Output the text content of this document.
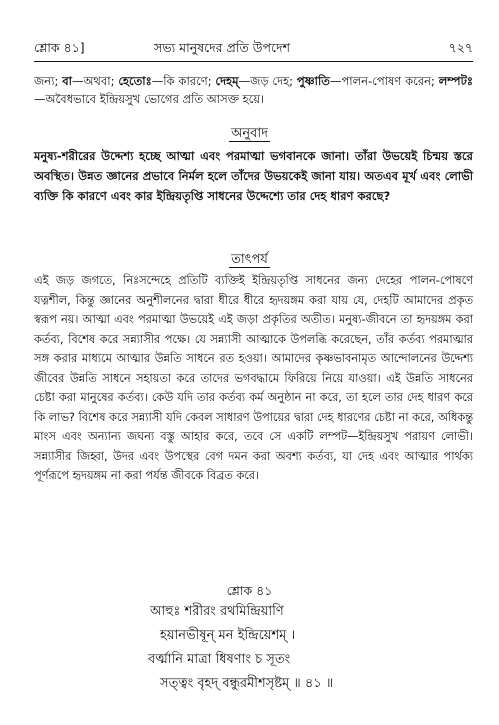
শ্লোক ৪১]	সভ্য মানুষদের প্রতি উপদেশ	৭২৭
জন্য; বা—অথবা; হেতোঃ—কি কারণে; দেহম্—জড় দেহ; পুষ্ণাতি—পালন-পোষণ করেন; লম্পটঃ—অবৈধভাবে ইন্দ্রিয়সুখ ভোগের প্রতি আসক্ত হয়ে।
অনুবাদ
মনুষ্য-শরীরের উদ্দেশ্য হচ্ছে আত্মা এবং পরমাত্মা ভগবানকে জানা। তাঁরা উভয়েই চিন্ময় স্তরে অবস্থিত। উন্নত জ্ঞানের প্রভাবে নির্মল হলে তাঁদের উভয়কেই জানা যায়। অতএব মূর্খ এবং লোভী ব্যক্তি কি কারণে এবং কার ইন্দ্রিয়তৃপ্তি সাধনের উদ্দেশ্যে তার দেহ ধারণ করছে?
তাৎপর্য
এই জড় জগতে, নিঃসন্দেহে প্রতিটি ব্যক্তিই ইন্দ্রিয়তৃপ্তি সাধনের জন্য দেহের পালন-পোষণে যত্নশীল, কিন্তু জ্ঞানের অনুশীলনের দ্বারা ধীরে ধীরে হৃদয়ঙ্গম করা যায় যে, দেহটি আমাদের প্রকৃত স্বরূপ নয়। আত্মা এবং পরমাত্মা উভয়েই এই জড়া প্রকৃতির অতীত। মনুষ্য-জীবনে তা হৃদয়ঙ্গম করা কর্তব্য, বিশেষ করে সন্ন্যাসীর পক্ষে। যে সন্ন্যাসী আত্মাকে উপলব্ধি করেছেন, তাঁর কর্তব্য পরমাত্মার সঙ্গ করার মাধ্যমে আত্মার উন্নতি সাধনে রত হওয়া। আমাদের কৃষ্ণভাবনামৃত আন্দোলনের উদ্দেশ্য জীবের উন্নতি সাধনে সহায়তা করে তাদের ভগবদ্ধামে ফিরিয়ে নিয়ে যাওয়া। এই উন্নতি সাধনের চেষ্টা করা মানুষের কর্তব্য। কেউ যদি তার কর্তব্য কর্ম অনুষ্ঠান না করে, তা হলে তার দেহ ধারণ করে কি লাভ? বিশেষ করে সন্ন্যাসী যদি কেবল সাধারণ উপায়ের দ্বারা দেহ ধারণের চেষ্টা না করে, অধিকন্তু মাংস এবং অন্যান্য জঘন্য বস্তু আহার করে, তবে সে একটি লম্পট—ইন্দ্রিয়সুখ পরায়ণ লোভী। সন্ন্যাসীর জিহ্বা, উদর এবং উপস্থের বেগ দমন করা অবশ্য কর্তব্য, যা দেহ এবং আত্মার পার্থক্য পূর্ণরূপে হৃদয়ঙ্গম না করা পর্যন্ত জীবকে বিব্রত করে।
শ্লোক ৪১
আহুঃ শরীরং রথমিন্দ্রিয়াণি
হয়ানভীষূন্ মন ইন্দ্রিয়েশম্ ।
বর্ত্মানি মাত্রা ধিষণাং চ সূতং
সত্ত্বং বৃহদ্ বন্ধুরমীশসৃষ্টম্ ॥ ৪১ ॥
